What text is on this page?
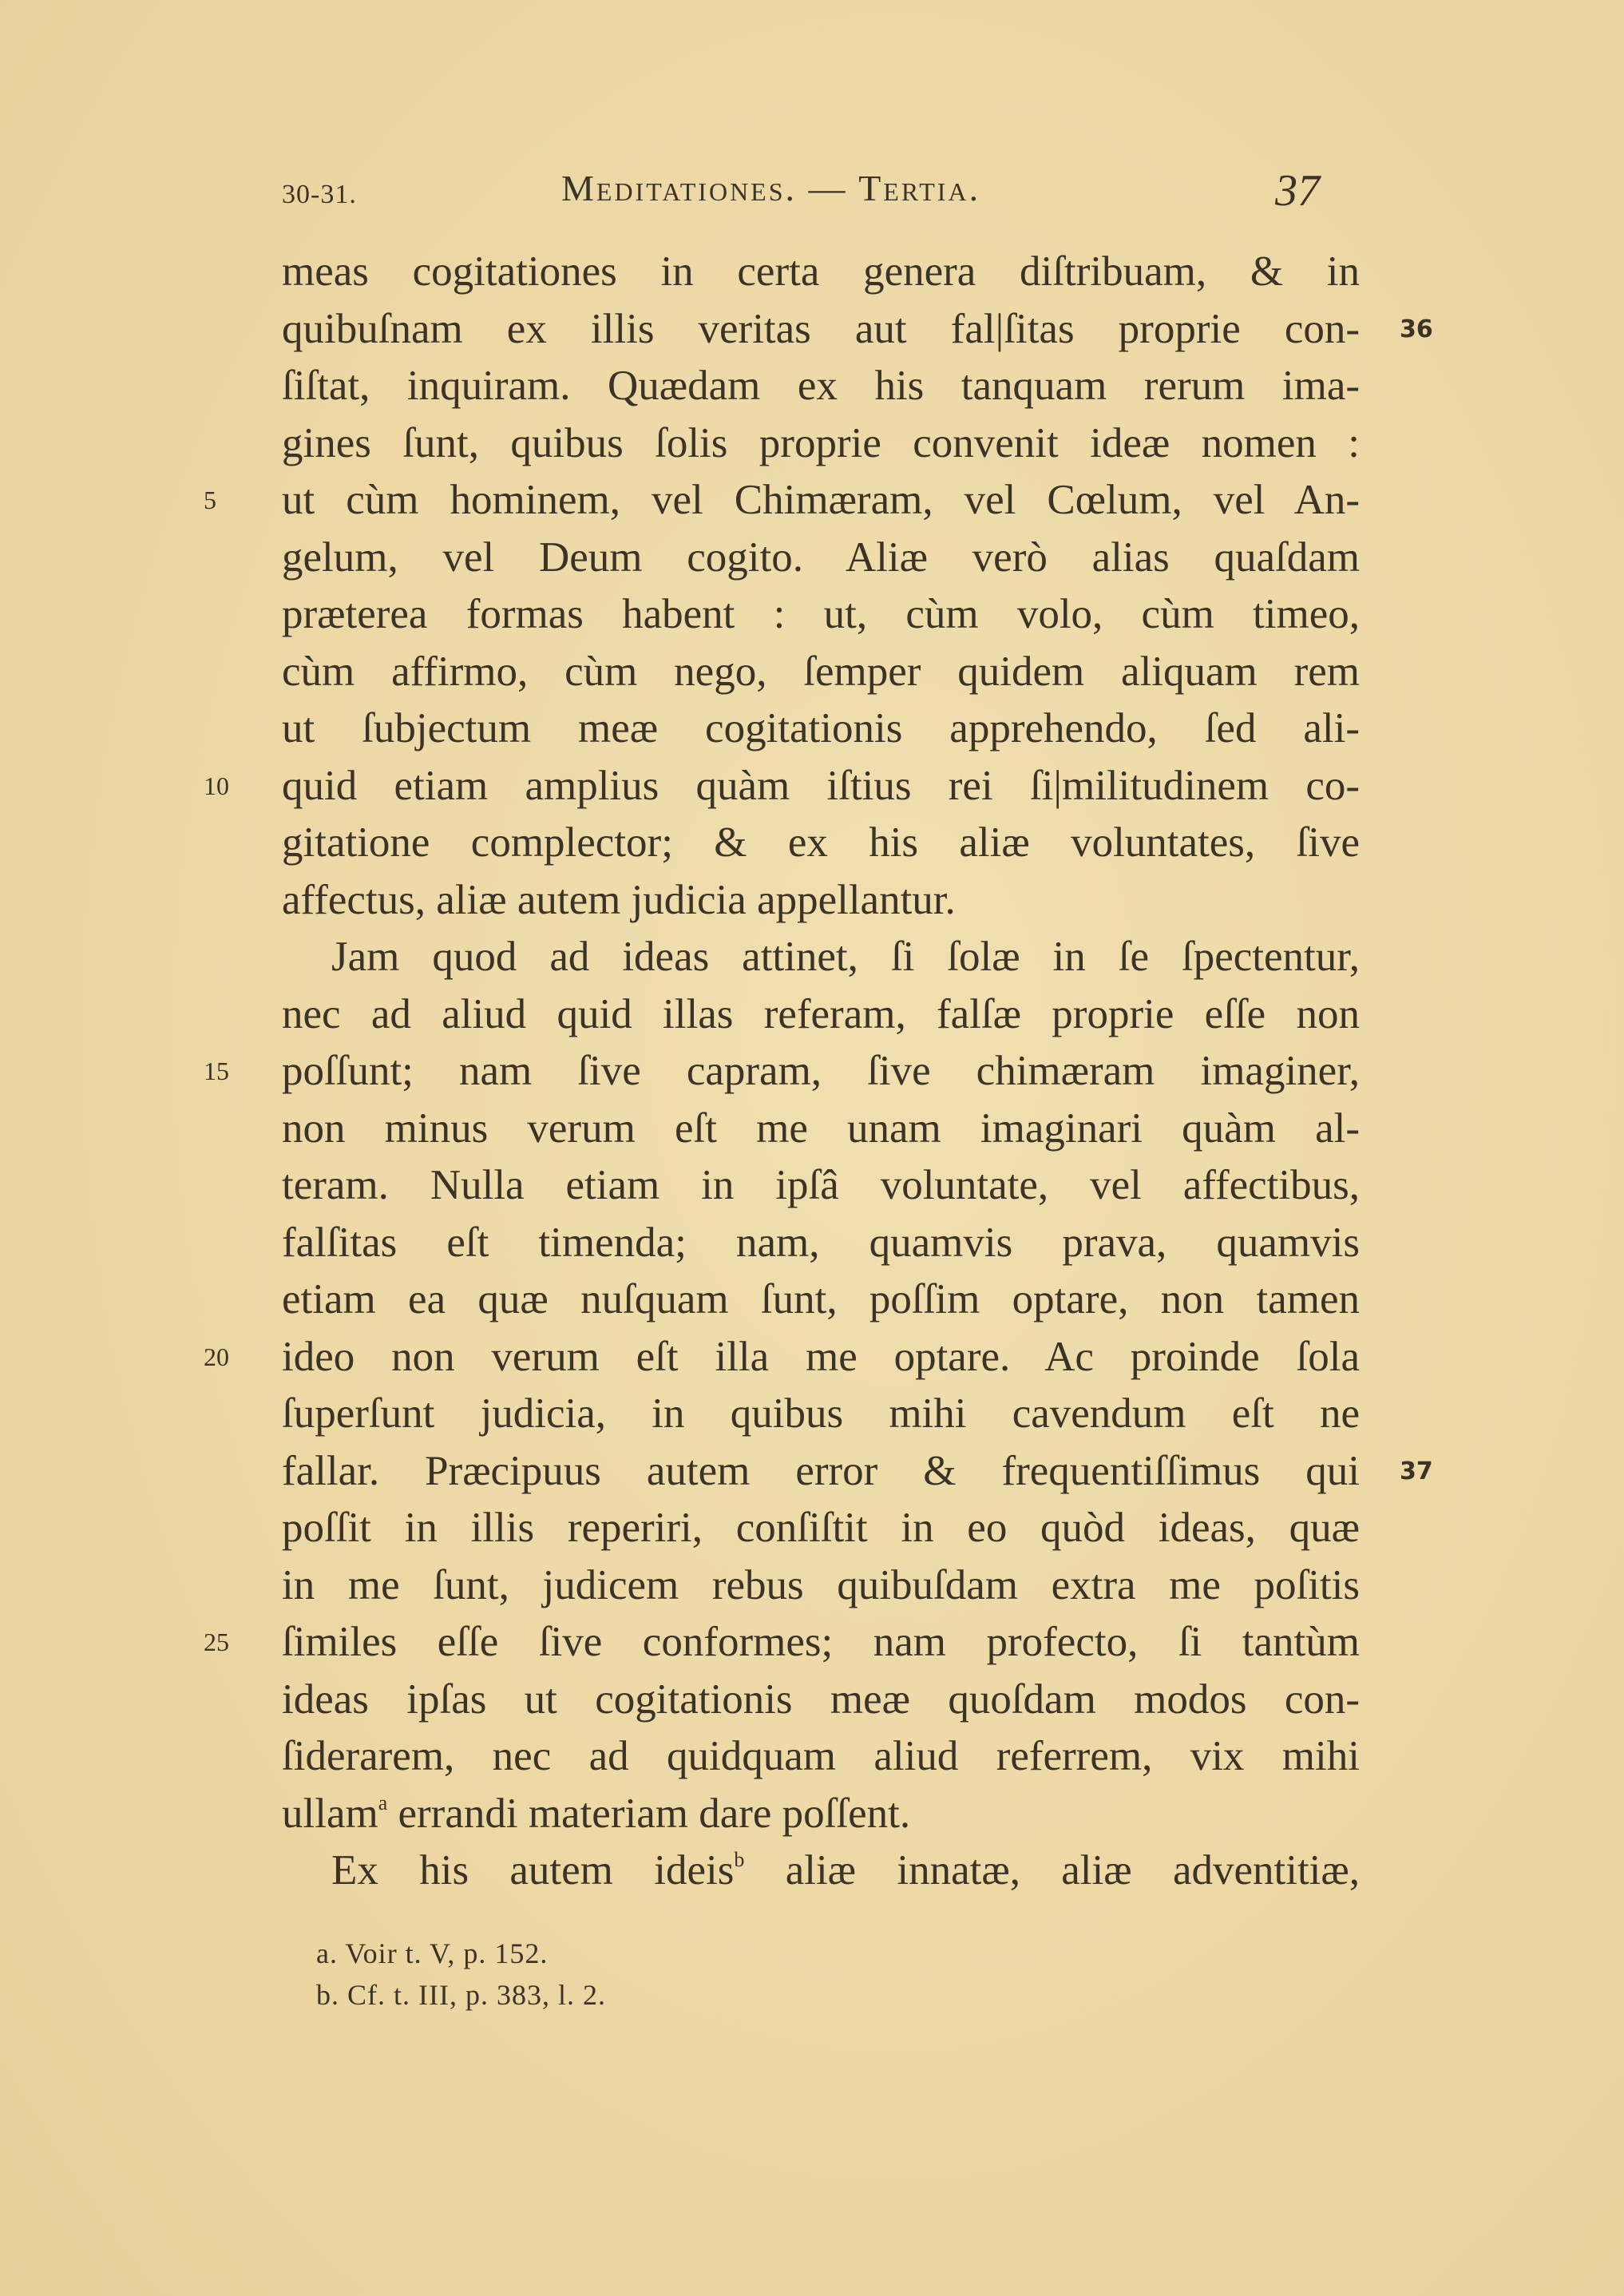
30-31.	Meditationes. — Tertia.	37
meas cogitationes in certa genera diſtribuam, & in
quibuſnam ex illis veritas aut fal|ſitas proprie con- 36
ſiſtat, inquiram. Quædam ex his tanquam rerum ima-
gines ſunt, quibus ſolis proprie convenit ideæ nomen :
ut cùm hominem, vel Chimæram, vel Cœlum, vel An-
5
gelum, vel Deum cogito. Aliæ verò alias quaſdam
præterea formas habent : ut, cùm volo, cùm timeo,
cùm affirmo, cùm nego, ſemper quidem aliquam rem
ut ſubjectum meæ cogitationis apprehendo, ſed ali-
quid etiam amplius quàm iſtius rei ſi|militudinem co-
10
gitatione complector; & ex his aliæ voluntates, ſive
affectus, aliæ autem judicia appellantur.
Jam quod ad ideas attinet, ſi ſolæ in ſe ſpectentur,
nec ad aliud quid illas referam, falſæ proprie eſſe non
poſſunt; nam ſive capram, ſive chimæram imaginer,
15
non minus verum eſt me unam imaginari quàm al-
teram. Nulla etiam in ipſâ voluntate, vel affectibus,
falſitas eſt timenda; nam, quamvis prava, quamvis
etiam ea quæ nuſquam ſunt, poſſim optare, non tamen
ideo non verum eſt illa me optare. Ac proinde ſola
20
ſuperſunt judicia, in quibus mihi cavendum eſt ne
fallar. Præcipuus autem error & frequentiſſimus qui 37
poſſit in illis reperiri, conſiſtit in eo quòd ideas, quæ
in me ſunt, judicem rebus quibuſdam extra me poſitis
ſimiles eſſe ſive conformes; nam profecto, ſi tantùm
25
ideas ipſas ut cogitationis meæ quoſdam modos con-
ſiderarem, nec ad quidquam aliud referrem, vix mihi
ullam$^a$ errandi materiam dare poſſent.
Ex his autem ideis$^b$ aliæ innatæ, aliæ adventitiæ,
a. Voir t. V, p. 152.
b. Cf. t. III, p. 383, l. 2.
